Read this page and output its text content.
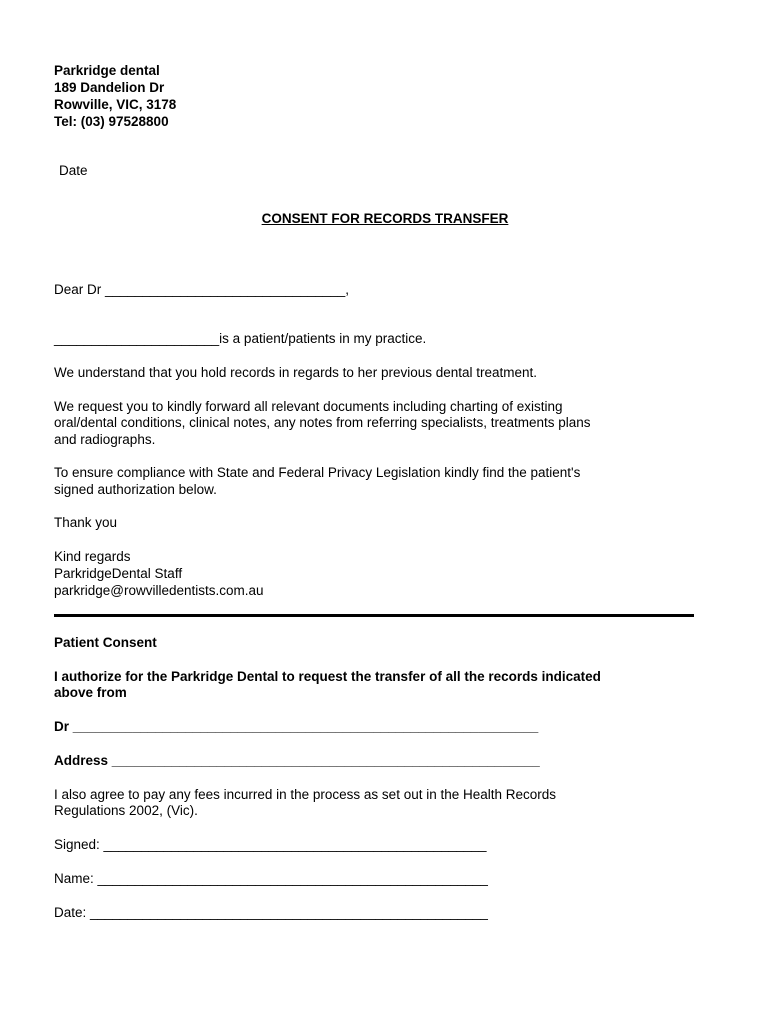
Parkridge dental
189 Dandelion Dr
Rowville, VIC, 3178
Tel: (03) 97528800
Date
CONSENT FOR RECORDS TRANSFER
Dear Dr ________________________________,
______________________is a patient/patients in my practice.
We understand that you hold records in regards to her previous dental treatment.
We request you to kindly forward all relevant documents including charting of existing
oral/dental conditions, clinical notes, any notes from referring specialists, treatments plans
and radiographs.
To ensure compliance with State and Federal Privacy Legislation kindly find the patient's
signed authorization below.
Thank you
Kind regards
ParkridgeDental Staff
parkridge@rowvilledentists.com.au
Patient Consent
I authorize for the Parkridge Dental to request the transfer of all the records indicated
above from
Dr ______________________________________________________________
Address _________________________________________________________
I also agree to pay any fees incurred in the process as set out in the Health Records
Regulations 2002, (Vic).
Signed: ___________________________________________________
Name: ____________________________________________________
Date: _____________________________________________________
